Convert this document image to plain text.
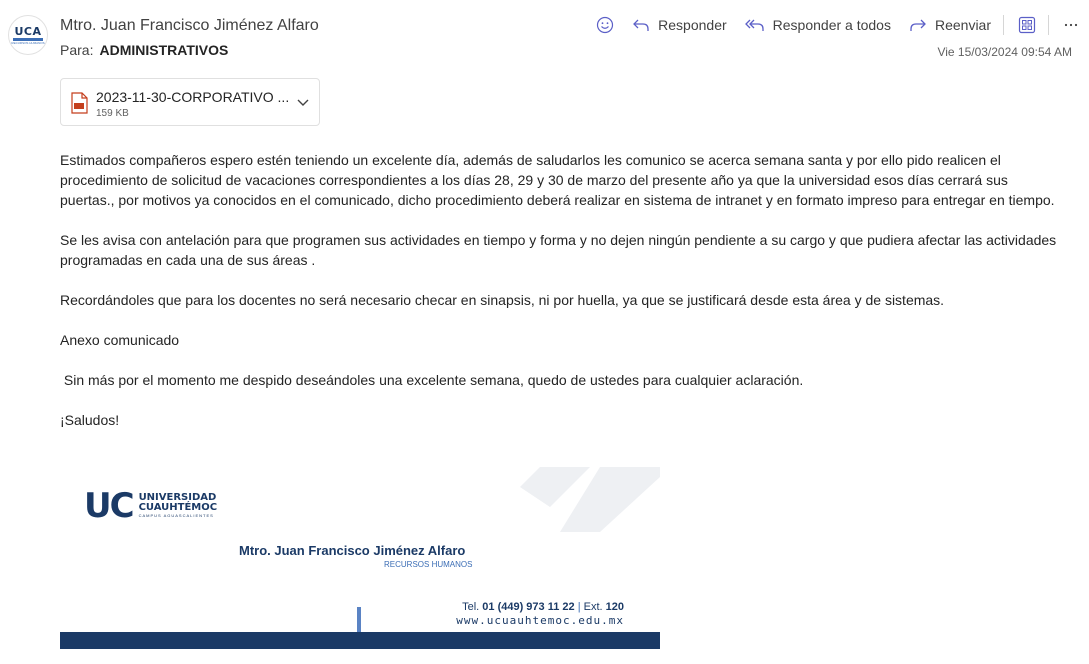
UCA
RECURSOS HUMANOS
Mtro. Juan Francisco Jiménez Alfaro
Para: ADMINISTRATIVOS
Responder	Responder a todos	Reenviar
Vie 15/03/2024 09:54 AM
2023-11-30-CORPORATIVO ...
159 KB

Estimados compañeros espero estén teniendo un excelente día, además de saludarlos les comunico se acerca semana santa y por ello pido realicen el procedimiento de solicitud de vacaciones correspondientes a los días 28, 29 y 30 de marzo del presente año ya que la universidad esos días cerrará sus puertas., por motivos ya conocidos en el comunicado, dicho procedimiento deberá realizar en sistema de intranet y en formato impreso para entregar en tiempo.

Se les avisa con antelación para que programen sus actividades en tiempo y forma y no dejen ningún pendiente a su cargo y que pudiera afectar las actividades programadas en cada una de sus áreas .

Recordándoles que para los docentes no será necesario checar en sinapsis, ni por huella, ya que se justificará desde esta área y de sistemas.

Anexo comunicado

Sin más por el momento me despido deseándoles una excelente semana, quedo de ustedes para cualquier aclaración.

¡Saludos!

UC UNIVERSIDAD
CUAUHTÉMOC
CAMPUS AGUASCALIENTES
Mtro. Juan Francisco Jiménez Alfaro
RECURSOS HUMANOS
Tel. 01 (449) 973 11 22 | Ext. 120
www.ucuauhtemoc.edu.mx
